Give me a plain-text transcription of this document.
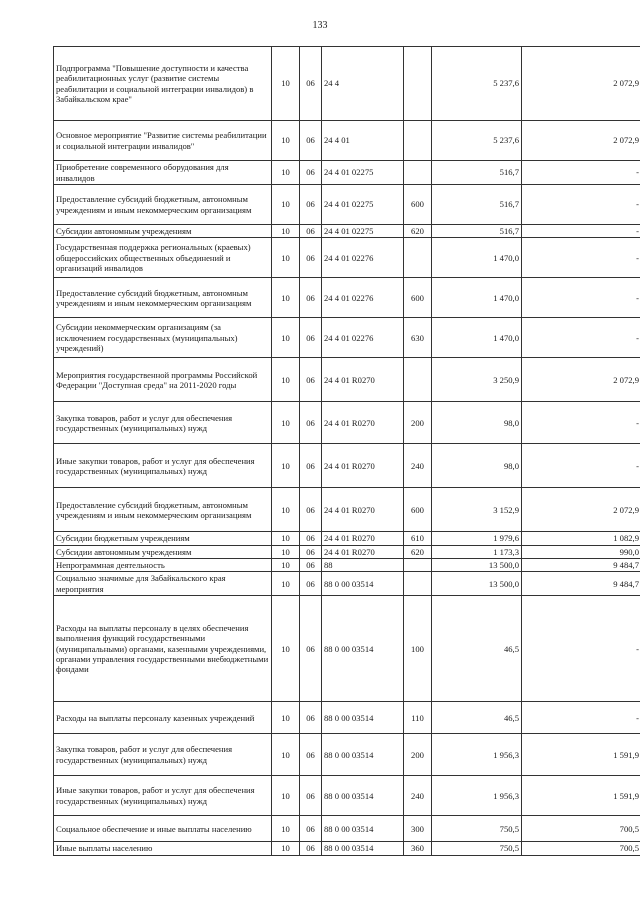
133
Подпрограмма "Повышение доступности и качества реабилитационных услуг (развитие системы реабилитации и социальной интеграции инвалидов) в Забайкальском крае"	10	06	24 4		5 237,6	2 072,9
Основное мероприятие "Развитие системы реабилитации и социальной интеграции инвалидов"	10	06	24 4 01		5 237,6	2 072,9
Приобретение современного оборудования для инвалидов	10	06	24 4 01 02275		516,7	-
Предоставление субсидий бюджетным, автономным учреждениям и иным некоммерческим организациям	10	06	24 4 01 02275	600	516,7	-
Субсидии автономным учреждениям	10	06	24 4 01 02275	620	516,7	-
Государственная поддержка региональных (краевых) общероссийских общественных объединений и организаций инвалидов	10	06	24 4 01 02276		1 470,0	-
Предоставление субсидий бюджетным, автономным учреждениям и иным некоммерческим организациям	10	06	24 4 01 02276	600	1 470,0	-
Субсидии некоммерческим организациям (за исключением государственных (муниципальных) учреждений)	10	06	24 4 01 02276	630	1 470,0	-
Мероприятия государственной программы Российской Федерации "Доступная среда" на 2011-2020 годы	10	06	24 4 01 R0270		3 250,9	2 072,9
Закупка товаров, работ и услуг для обеспечения государственных (муниципальных) нужд	10	06	24 4 01 R0270	200	98,0	-
Иные закупки товаров, работ и услуг для обеспечения государственных (муниципальных) нужд	10	06	24 4 01 R0270	240	98,0	-
Предоставление субсидий бюджетным, автономным учреждениям и иным некоммерческим организациям	10	06	24 4 01 R0270	600	3 152,9	2 072,9
Субсидии бюджетным учреждениям	10	06	24 4 01 R0270	610	1 979,6	1 082,9
Субсидии автономным учреждениям	10	06	24 4 01 R0270	620	1 173,3	990,0
Непрограммная деятельность	10	06	88		13 500,0	9 484,7
Социально значимые для Забайкальского края мероприятия	10	06	88 0 00 03514		13 500,0	9 484,7
Расходы на выплаты персоналу в целях обеспечения выполнения функций государственными (муниципальными) органами, казенными учреждениями, органами управления государственными внебюджетными фондами	10	06	88 0 00 03514	100	46,5	-
Расходы на выплаты персоналу казенных учреждений	10	06	88 0 00 03514	110	46,5	-
Закупка товаров, работ и услуг для обеспечения государственных (муниципальных) нужд	10	06	88 0 00 03514	200	1 956,3	1 591,9
Иные закупки товаров, работ и услуг для обеспечения государственных (муниципальных) нужд	10	06	88 0 00 03514	240	1 956,3	1 591,9
Социальное обеспечение и иные выплаты населению	10	06	88 0 00 03514	300	750,5	700,5
Иные выплаты населению	10	06	88 0 00 03514	360	750,5	700,5
